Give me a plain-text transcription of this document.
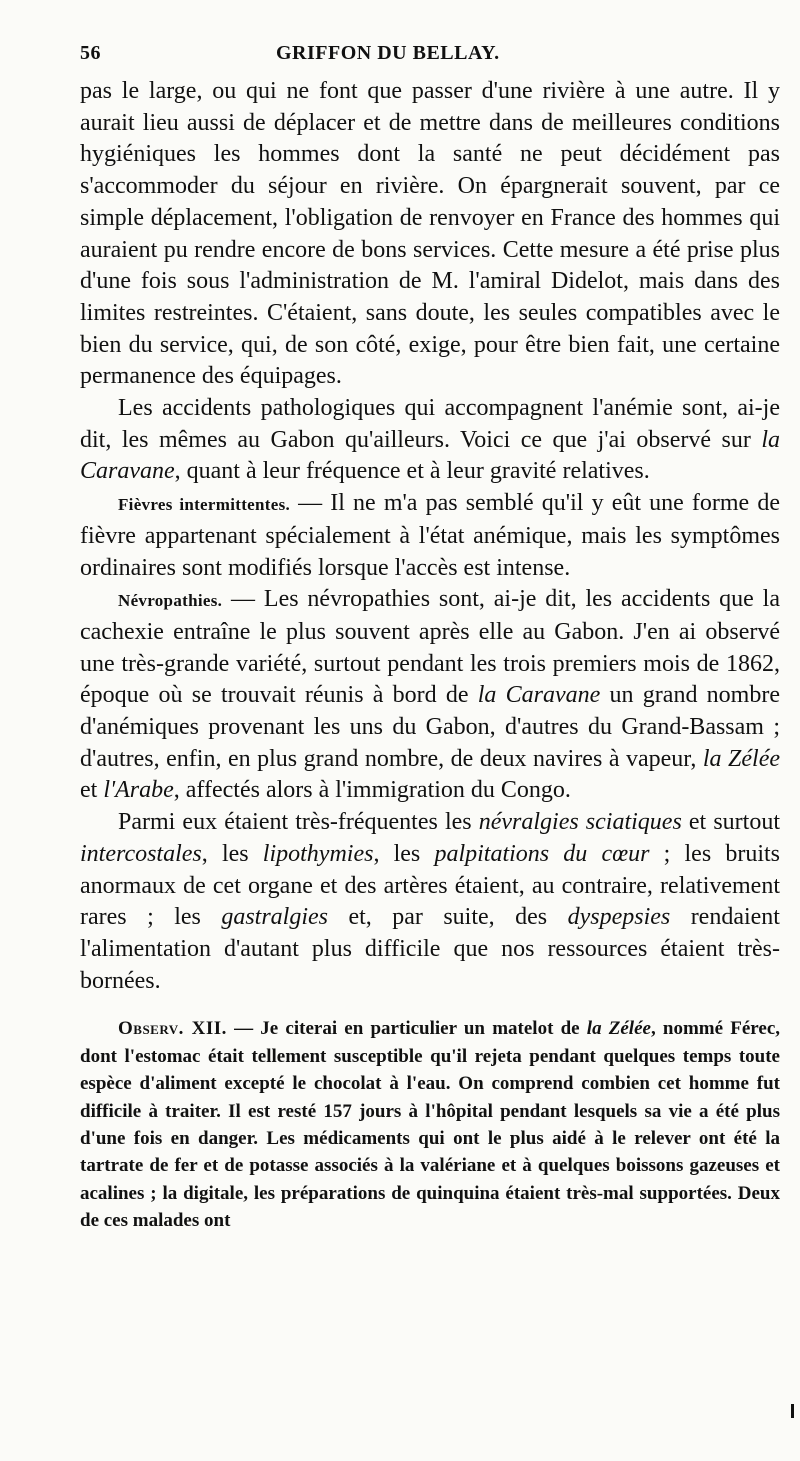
56	GRIFFON DU BELLAY.

pas le large, ou qui ne font que passer d'une rivière à une autre. Il y aurait lieu aussi de déplacer et de mettre dans de meilleures conditions hygiéniques les hommes dont la santé ne peut décidément pas s'accommoder du séjour en rivière. On épargnerait souvent, par ce simple déplacement, l'obligation de renvoyer en France des hommes qui auraient pu rendre encore de bons services. Cette mesure a été prise plus d'une fois sous l'administration de M. l'amiral Didelot, mais dans des limites restreintes. C'étaient, sans doute, les seules compatibles avec le bien du service, qui, de son côté, exige, pour être bien fait, une certaine permanence des équipages.

Les accidents pathologiques qui accompagnent l'anémie sont, ai-je dit, les mêmes au Gabon qu'ailleurs. Voici ce que j'ai observé sur la Caravane, quant à leur fréquence et à leur gravité relatives.

Fièvres intermittentes. — Il ne m'a pas semblé qu'il y eût une forme de fièvre appartenant spécialement à l'état anémique, mais les symptômes ordinaires sont modifiés lorsque l'accès est intense.

Névropathies. — Les névropathies sont, ai-je dit, les accidents que la cachexie entraîne le plus souvent après elle au Gabon. J'en ai observé une très-grande variété, surtout pendant les trois premiers mois de 1862, époque où se trouvait réunis à bord de la Caravane un grand nombre d'anémiques provenant les uns du Gabon, d'autres du Grand-Bassam ; d'autres, enfin, en plus grand nombre, de deux navires à vapeur, la Zélée et l'Arabe, affectés alors à l'immigration du Congo.

Parmi eux étaient très-fréquentes les névralgies sciatiques et surtout intercostales, les lipothymies, les palpitations du cœur ; les bruits anormaux de cet organe et des artères étaient, au contraire, relativement rares ; les gastralgies et, par suite, des dyspepsies rendaient l'alimentation d'autant plus difficile que nos ressources étaient très-bornées.

Observ. XII. — Je citerai en particulier un matelot de la Zélée, nommé Férec, dont l'estomac était tellement susceptible qu'il rejeta pendant quelques temps toute espèce d'aliment excepté le chocolat à l'eau. On comprend combien cet homme fut difficile à traiter. Il est resté 157 jours à l'hôpital pendant lesquels sa vie a été plus d'une fois en danger. Les médicaments qui ont le plus aidé à le relever ont été la tartrate de fer et de potasse associés à la valériane et à quelques boissons gazeuses et acalines ; la digitale, les préparations de quinquina étaient très-mal supportées. Deux de ces malades ont
